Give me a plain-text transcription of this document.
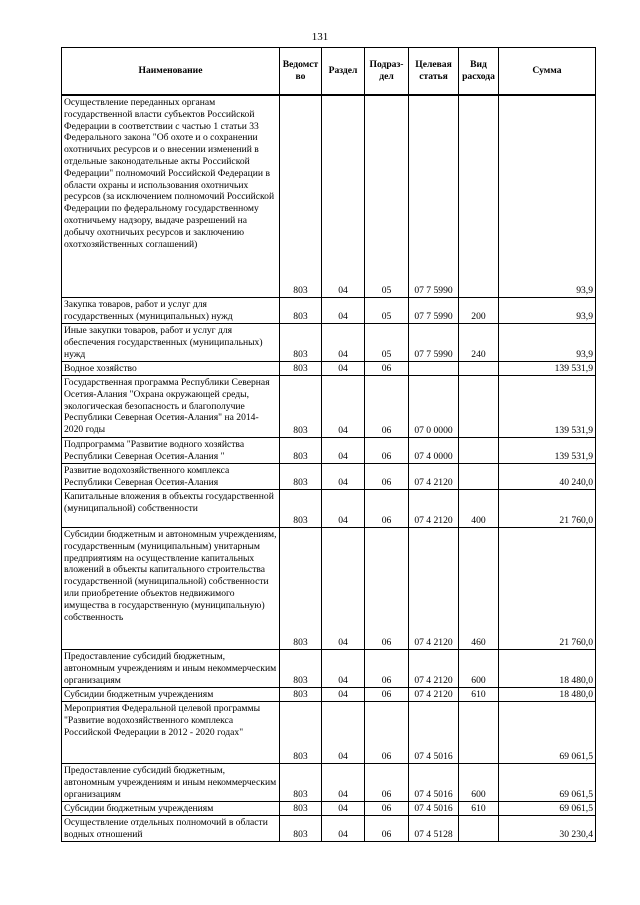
131
Наименование	Ведомст во	Раздел	Подраз- дел	Целевая статья	Вид расхода	Сумма
Осуществление переданных органам государственной власти субъектов Российской Федерации в соответствии с частью 1 статьи 33 Федерального закона "Об охоте и о сохранении охотничьих ресурсов и о внесении изменений в отдельные законодательные акты Российской Федерации" полномочий Российской Федерации в области охраны и использования охотничьих ресурсов (за исключением полномочий Российской Федерации по федеральному государственному охотничьему надзору, выдаче разрешений на добычу охотничьих ресурсов и заключению охотхозяйственных соглашений)	803	04	05	07 7 5990		93,9
Закупка товаров, работ и услуг для государственных (муниципальных) нужд	803	04	05	07 7 5990	200	93,9
Иные закупки товаров, работ и услуг для обеспечения государственных (муниципальных) нужд	803	04	05	07 7 5990	240	93,9
Водное хозяйство	803	04	06			139 531,9
Государственная программа Республики Северная Осетия-Алания "Охрана окружающей среды, экологическая безопасность и благополучие Республики Северная Осетия-Алания" на 2014-2020 годы	803	04	06	07 0 0000		139 531,9
Подпрограмма "Развитие водного хозяйства Республики Северная Осетия-Алания "	803	04	06	07 4 0000		139 531,9
Развитие водохозяйственного комплекса Республики Северная Осетия-Алания	803	04	06	07 4 2120		40 240,0
Капитальные вложения в объекты государственной (муниципальной) собственности	803	04	06	07 4 2120	400	21 760,0
Субсидии бюджетным и автономным учреждениям, государственным (муниципальным) унитарным предприятиям на осуществление капитальных вложений в объекты капитального строительства государственной (муниципальной) собственности или приобретение объектов недвижимого имущества в государственную (муниципальную) собственность	803	04	06	07 4 2120	460	21 760,0
Предоставление субсидий бюджетным, автономным учреждениям и иным некоммерческим организациям	803	04	06	07 4 2120	600	18 480,0
Субсидии бюджетным учреждениям	803	04	06	07 4 2120	610	18 480,0
Мероприятия Федеральной целевой программы "Развитие водохозяйственного комплекса Российской Федерации в 2012 - 2020 годах"	803	04	06	07 4 5016		69 061,5
Предоставление субсидий бюджетным, автономным учреждениям и иным некоммерческим организациям	803	04	06	07 4 5016	600	69 061,5
Субсидии бюджетным учреждениям	803	04	06	07 4 5016	610	69 061,5
Осуществление отдельных полномочий в области водных отношений	803	04	06	07 4 5128		30 230,4
